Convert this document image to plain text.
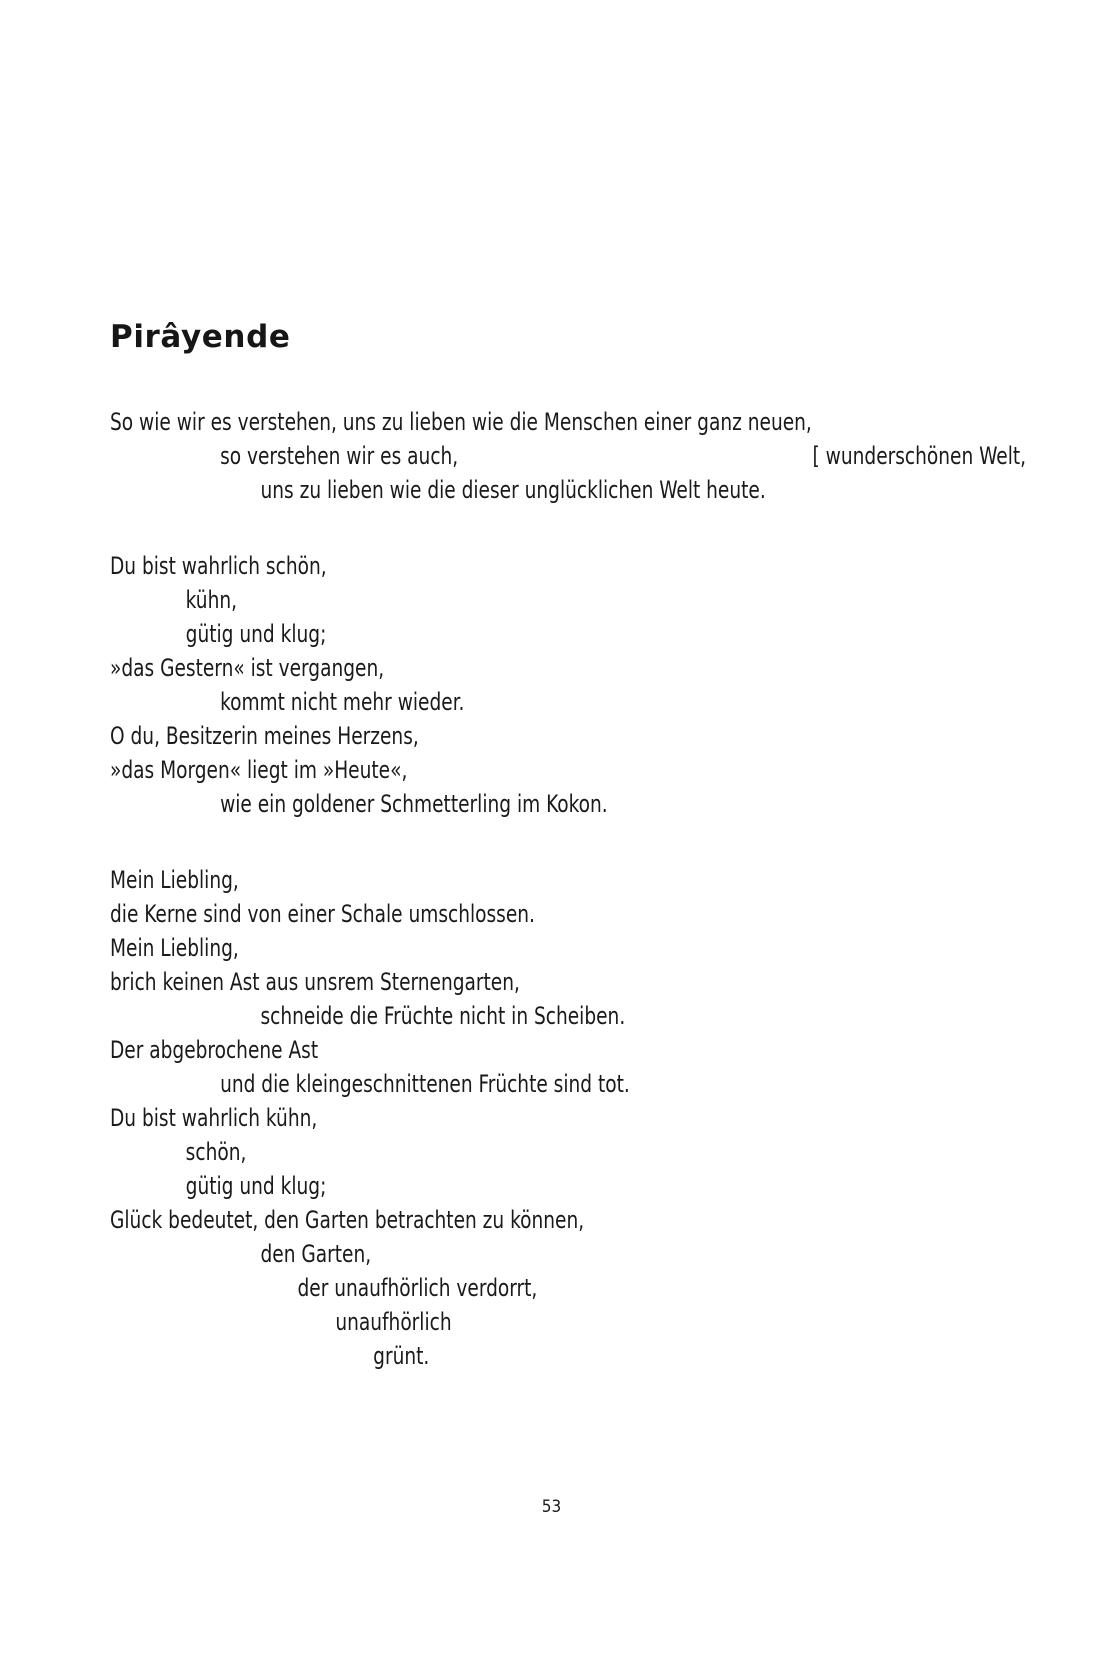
Pirâyende
So wie wir es verstehen, uns zu lieben wie die Menschen einer ganz neuen,
so verstehen wir es auch,	[ wunderschönen Welt,
uns zu lieben wie die dieser unglücklichen Welt heute.
Du bist wahrlich schön,
kühn,
gütig und klug;
»das Gestern« ist vergangen,
kommt nicht mehr wieder.
O du, Besitzerin meines Herzens,
»das Morgen« liegt im »Heute«,
wie ein goldener Schmetterling im Kokon.
Mein Liebling,
die Kerne sind von einer Schale umschlossen.
Mein Liebling,
brich keinen Ast aus unsrem Sternengarten,
schneide die Früchte nicht in Scheiben.
Der abgebrochene Ast
und die kleingeschnittenen Früchte sind tot.
Du bist wahrlich kühn,
schön,
gütig und klug;
Glück bedeutet, den Garten betrachten zu können,
den Garten,
der unaufhörlich verdorrt,
unaufhörlich
grünt.
53
